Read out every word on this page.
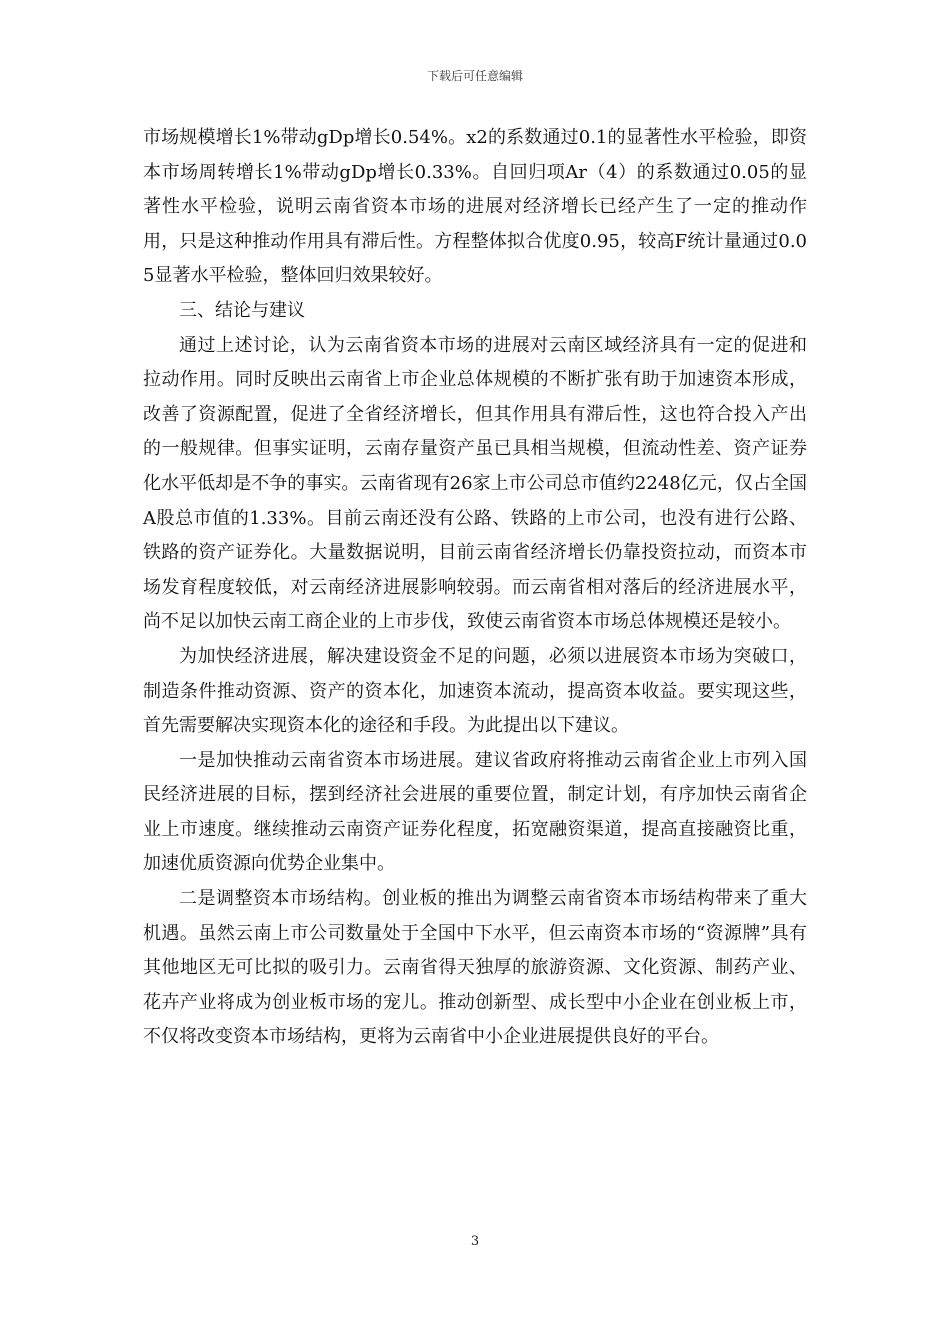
下载后可任意编辑

市场规模增长1%带动gDp增长0.54%。x2的系数通过0.1的显著性水平检验，即资本市场周转增长1%带动gDp增长0.33%。自回归项Ar（4）的系数通过0.05的显著性水平检验，说明云南省资本市场的进展对经济增长已经产生了一定的推动作用，只是这种推动作用具有滞后性。方程整体拟合优度0.95，较高F统计量通过0.05显著水平检验，整体回归效果较好。

三、结论与建议

通过上述讨论，认为云南省资本市场的进展对云南区域经济具有一定的促进和拉动作用。同时反映出云南省上市企业总体规模的不断扩张有助于加速资本形成，改善了资源配置，促进了全省经济增长，但其作用具有滞后性，这也符合投入产出的一般规律。但事实证明，云南存量资产虽已具相当规模，但流动性差、资产证券化水平低却是不争的事实。云南省现有26家上市公司总市值约2248亿元，仅占全国A股总市值的1.33%。目前云南还没有公路、铁路的上市公司，也没有进行公路、铁路的资产证券化。大量数据说明，目前云南省经济增长仍靠投资拉动，而资本市场发育程度较低，对云南经济进展影响较弱。而云南省相对落后的经济进展水平，尚不足以加快云南工商企业的上市步伐，致使云南省资本市场总体规模还是较小。

为加快经济进展，解决建设资金不足的问题，必须以进展资本市场为突破口，制造条件推动资源、资产的资本化，加速资本流动，提高资本收益。要实现这些，首先需要解决实现资本化的途径和手段。为此提出以下建议。

一是加快推动云南省资本市场进展。建议省政府将推动云南省企业上市列入国民经济进展的目标，摆到经济社会进展的重要位置，制定计划，有序加快云南省企业上市速度。继续推动云南资产证券化程度，拓宽融资渠道，提高直接融资比重，加速优质资源向优势企业集中。

二是调整资本市场结构。创业板的推出为调整云南省资本市场结构带来了重大机遇。虽然云南上市公司数量处于全国中下水平，但云南资本市场的“资源牌”具有其他地区无可比拟的吸引力。云南省得天独厚的旅游资源、文化资源、制药产业、花卉产业将成为创业板市场的宠儿。推动创新型、成长型中小企业在创业板上市，不仅将改变资本市场结构，更将为云南省中小企业进展提供良好的平台。

3
